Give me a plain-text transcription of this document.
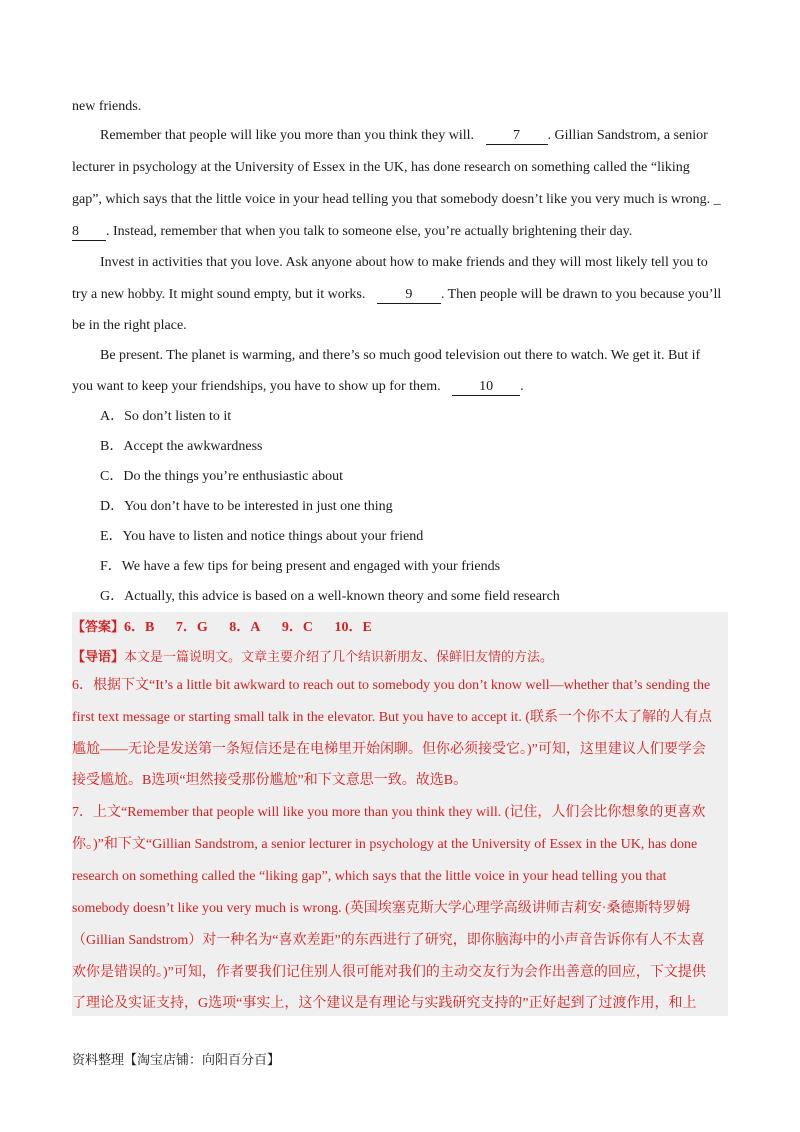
new friends.
Remember that people will like you more than you think they will.	7 . Gillian Sandstrom, a senior
lecturer in psychology at the University of Essex in the UK, has done research on something called the “liking
gap”, which says that the little voice in your head telling you that somebody doesn’t like you very much is wrong. _
8 . Instead, remember that when you talk to someone else, you’re actually brightening their day.
Invest in activities that you love. Ask anyone about how to make friends and they will most likely tell you to
try a new hobby. It might sound empty, but it works.	9 . Then people will be drawn to you because you’ll
be in the right place.
Be present. The planet is warming, and there’s so much good television out there to watch. We get it. But if
you want to keep your friendships, you have to show up for them.	10 .
A．So don’t listen to it
B．Accept the awkwardness
C．Do the things you’re enthusiastic about
D．You don’t have to be interested in just one thing
E．You have to listen and notice things about your friend
F．We have a few tips for being present and engaged with your friends
G．Actually, this advice is based on a well-known theory and some field research
【答案】6．B 7．G 8．A 9．C 10．E
【导语】本文是一篇说明文。文章主要介绍了几个结识新朋友、保鲜旧友情的方法。
6．根据下文“It’s a little bit awkward to reach out to somebody you don’t know well—whether that’s sending the
first text message or starting small talk in the elevator. But you have to accept it. (联系一个你不太了解的人有点
尴尬——无论是发送第一条短信还是在电梯里开始闲聊。但你必须接受它。)”可知，这里建议人们要学会
接受尴尬。B选项“坦然接受那份尴尬”和下文意思一致。故选B。
7．上文“Remember that people will like you more than you think they will. (记住，人们会比你想象的更喜欢
你。)”和下文“Gillian Sandstrom, a senior lecturer in psychology at the University of Essex in the UK, has done
research on something called the “liking gap”, which says that the little voice in your head telling you that
somebody doesn’t like you very much is wrong. (英国埃塞克斯大学心理学高级讲师吉莉安·桑德斯特罗姆
（Gillian Sandstrom）对一种名为“喜欢差距”的东西进行了研究，即你脑海中的小声音告诉你有人不太喜
欢你是错误的。)”可知，作者要我们记住别人很可能对我们的主动交友行为会作出善意的回应，下文提供
了理论及实证支持，G选项“事实上，这个建议是有理论与实践研究支持的”正好起到了过渡作用，和上
资料整理【淘宝店铺：向阳百分百】
